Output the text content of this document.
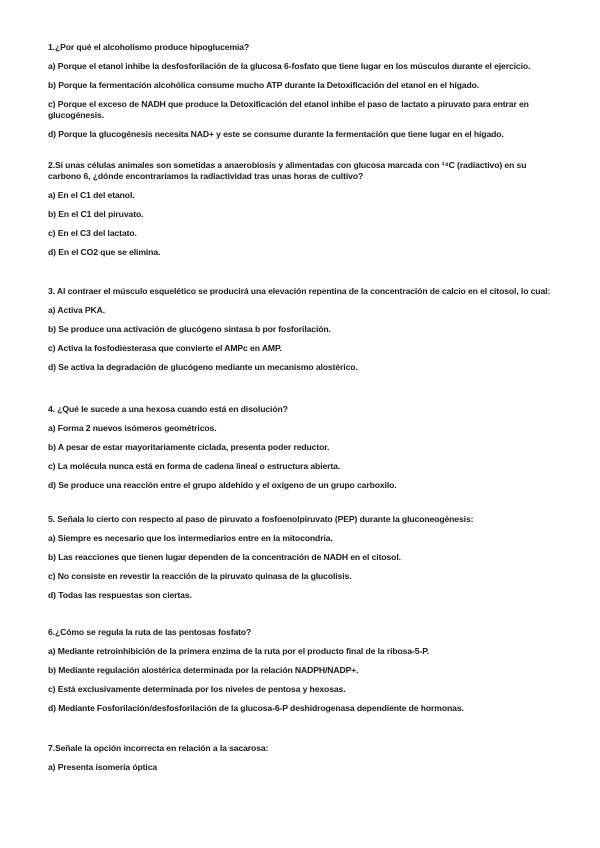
1.¿Por qué el alcoholismo produce hipoglucemia?

a) Porque el etanol inhibe la desfosforilación de la glucosa 6-fosfato que tiene lugar en los músculos durante el ejercicio.

b) Porque la fermentación alcohólica consume mucho ATP durante la Detoxificación del etanol en el hígado.

c) Porque el exceso de NADH que produce la Detoxificación del etanol inhibe el paso de lactato a piruvato para entrar en glucogénesis.

d) Porque la glucogénesis necesita NAD+ y este se consume durante la fermentación que tiene lugar en el hígado.

2.Si unas células animales son sometidas a anaerobiosis y alimentadas con glucosa marcada con ¹⁴C (radiactivo) en su carbono 6, ¿dónde encontraríamos la radiactividad tras unas horas de cultivo?

a) En el C1 del etanol.

b) En el C1 del piruvato.

c) En el C3 del lactato.

d) En el CO2 que se elimina.

3. Al contraer el músculo esquelético se producirá una elevación repentina de la concentración de calcio en el citosol, lo cual:

a) Activa PKA.

b) Se produce una activación de glucógeno sintasa b por fosforilación.

c) Activa la fosfodiesterasa que convierte el AMPc en AMP.

d) Se activa la degradación de glucógeno mediante un mecanismo alostérico.

4. ¿Qué le sucede a una hexosa cuando está en disolución?

a) Forma 2 nuevos isómeros geométricos.

b) A pesar de estar mayoritariamente ciclada, presenta poder reductor.

c) La molécula nunca está en forma de cadena lineal o estructura abierta.

d) Se produce una reacción entre el grupo aldehído y el oxígeno de un grupo carboxilo.

5. Señala lo cierto con respecto al paso de piruvato a fosfoenolpiruvato (PEP) durante la gluconeogénesis:

a) Siempre es necesario que los intermediarios entre en la mitocondria.

b) Las reacciones que tienen lugar dependen de la concentración de NADH en el citosol.

c) No consiste en revestir la reacción de la piruvato quinasa de la glucolisis.

d) Todas las respuestas son ciertas.

6.¿Cómo se regula la ruta de las pentosas fosfato?

a) Mediante retroinhibición de la primera enzima de la ruta por el producto final de la ribosa-5-P.

b) Mediante regulación alostérica determinada por la relación NADPH/NADP+.

c) Está exclusivamente determinada por los niveles de pentosa y hexosas.

d) Mediante Fosforilación/desfosforilación de la glucosa-6-P deshidrogenasa dependiente de hormonas.

7.Señale la opción incorrecta en relación a la sacarosa:

a) Presenta isomería óptica
